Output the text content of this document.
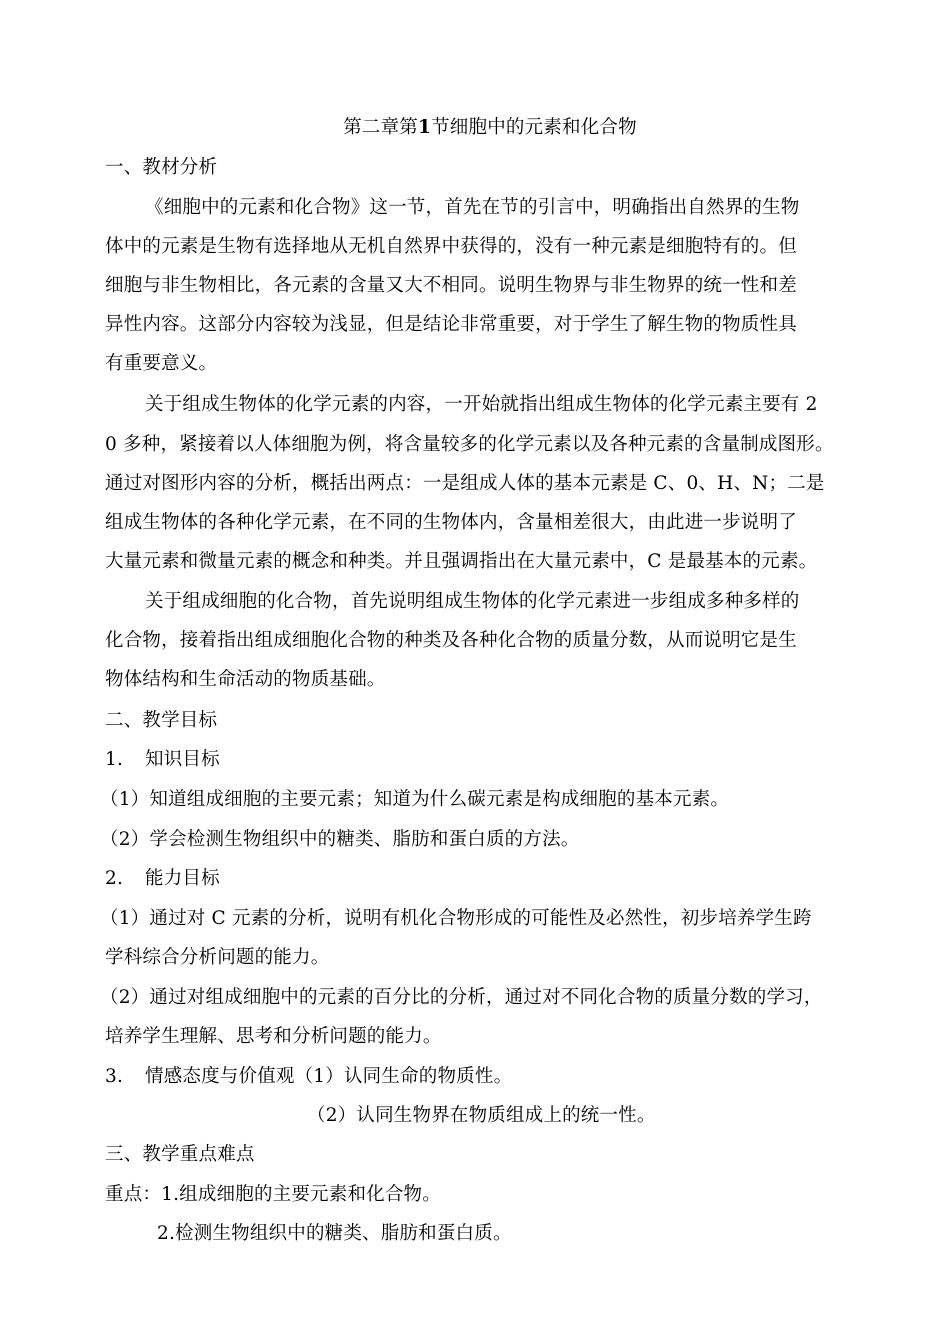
第二章第1节细胞中的元素和化合物
一、教材分析
《细胞中的元素和化合物》这一节，首先在节的引言中，明确指出自然界的生物
体中的元素是生物有选择地从无机自然界中获得的，没有一种元素是细胞特有的。但
细胞与非生物相比，各元素的含量又大不相同。说明生物界与非生物界的统一性和差
异性内容。这部分内容较为浅显，但是结论非常重要，对于学生了解生物的物质性具
有重要意义。
关于组成生物体的化学元素的内容，一开始就指出组成生物体的化学元素主要有 2
0 多种，紧接着以人体细胞为例，将含量较多的化学元素以及各种元素的含量制成图形。
通过对图形内容的分析，概括出两点：一是组成人体的基本元素是 C、0、H、N；二是
组成生物体的各种化学元素，在不同的生物体内，含量相差很大，由此进一步说明了
大量元素和微量元素的概念和种类。并且强调指出在大量元素中，C 是最基本的元素。
关于组成细胞的化合物，首先说明组成生物体的化学元素进一步组成多种多样的
化合物，接着指出组成细胞化合物的种类及各种化合物的质量分数，从而说明它是生
物体结构和生命活动的物质基础。
二、教学目标
1. 知识目标
（1）知道组成细胞的主要元素；知道为什么碳元素是构成细胞的基本元素。
（2）学会检测生物组织中的糖类、脂肪和蛋白质的方法。
2. 能力目标
（1）通过对 C 元素的分析，说明有机化合物形成的可能性及必然性，初步培养学生跨
学科综合分析问题的能力。
（2）通过对组成细胞中的元素的百分比的分析，通过对不同化合物的质量分数的学习，
培养学生理解、思考和分析问题的能力。
3. 情感态度与价值观（1）认同生命的物质性。
（2）认同生物界在物质组成上的统一性。
三、教学重点难点
重点：1.组成细胞的主要元素和化合物。
2.检测生物组织中的糖类、脂肪和蛋白质。
